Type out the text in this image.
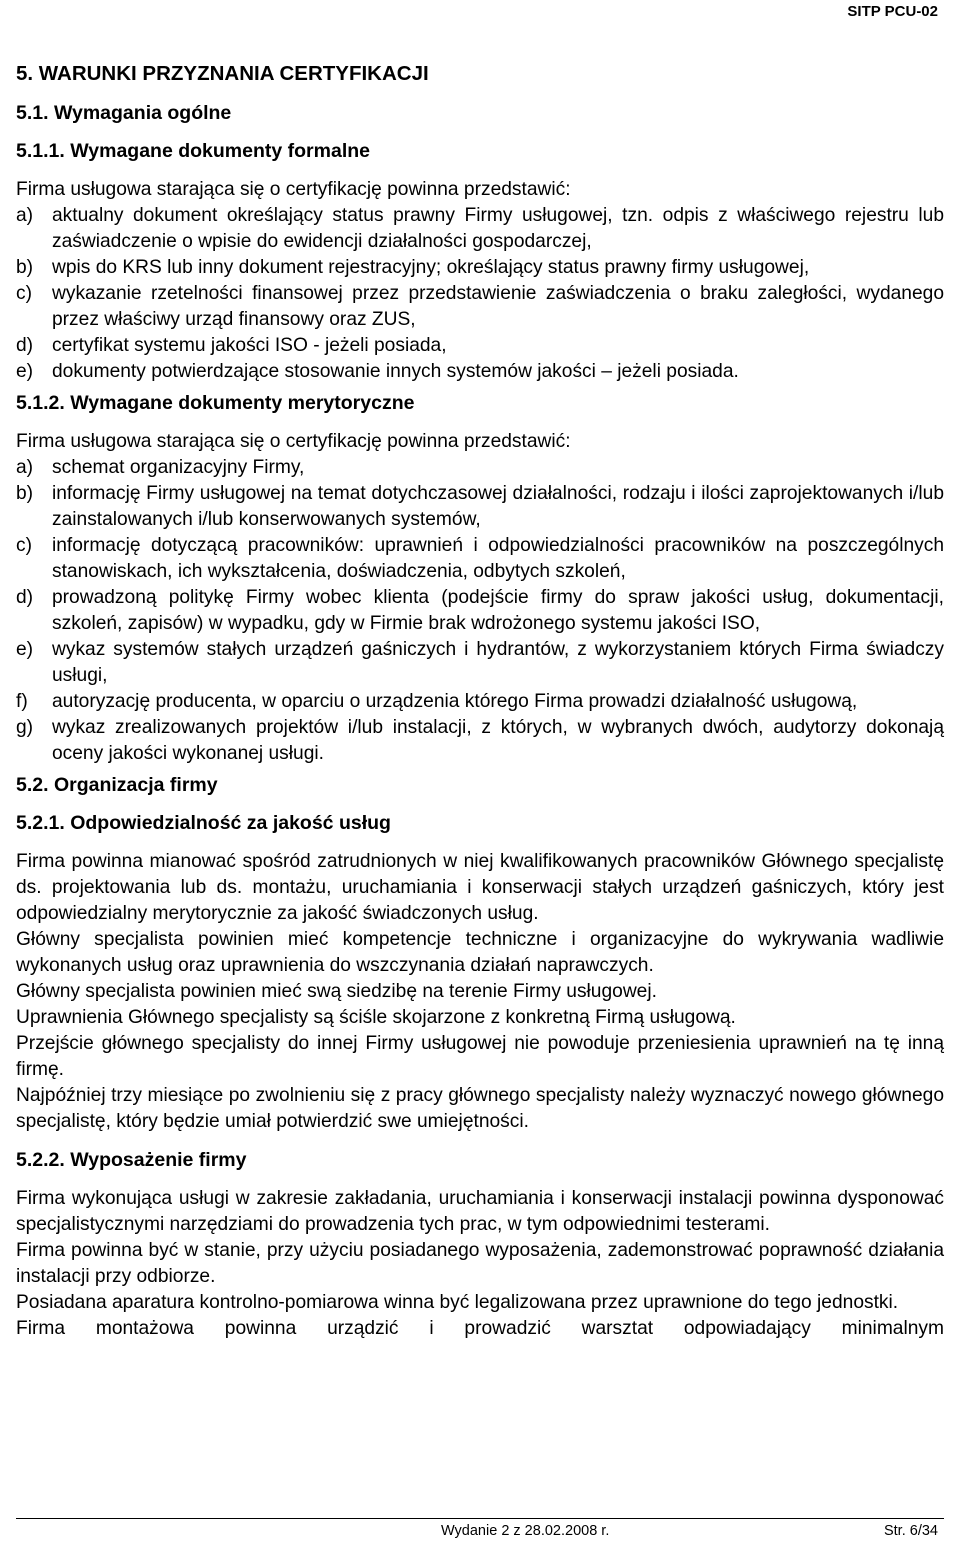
SITP PCU-02
5. WARUNKI PRZYZNANIA CERTYFIKACJI
5.1. Wymagania ogólne
5.1.1. Wymagane dokumenty formalne

Firma usługowa starająca się o certyfikację powinna przedstawić:

a) aktualny dokument określający status prawny Firmy usługowej, tzn. odpis z właściwego rejestru lub zaświadczenie o wpisie do ewidencji działalności gospodarczej,
b) wpis do KRS lub inny dokument rejestracyjny; określający status prawny firmy usługowej,
c)	wykazanie rzetelności finansowej przez przedstawienie zaświadczenia o braku zaległości, wydanego przez właściwy urząd finansowy oraz ZUS,
d) certyfikat systemu jakości ISO - jeżeli posiada,
e) dokumenty potwierdzające stosowanie innych systemów jakości – jeżeli posiada.
5.1.2. Wymagane dokumenty merytoryczne

Firma usługowa starająca się o certyfikację powinna przedstawić:

a) schemat organizacyjny Firmy,
b) informację Firmy usługowej na temat dotychczasowej działalności, rodzaju i ilości zaprojektowanych i/lub zainstalowanych i/lub konserwowanych systemów,
c)	informację dotyczącą pracowników: uprawnień i odpowiedzialności pracowników na poszczególnych stanowiskach, ich wykształcenia, doświadczenia, odbytych szkoleń,
d) prowadzoną politykę Firmy wobec klienta (podejście firmy do spraw jakości usług, dokumentacji, szkoleń, zapisów) w wypadku, gdy w Firmie brak wdrożonego systemu jakości ISO,
e) wykaz systemów stałych urządzeń gaśniczych i hydrantów, z wykorzystaniem których Firma świadczy usługi,
f)	autoryzację producenta, w oparciu o urządzenia którego Firma prowadzi działalność usługową,
g) wykaz zrealizowanych projektów i/lub instalacji, z których, w wybranych dwóch, audytorzy dokonają oceny jakości wykonanej usługi.
5.2. Organizacja firmy
5.2.1. Odpowiedzialność za jakość usług

Firma powinna mianować spośród zatrudnionych w niej kwalifikowanych pracowników Głównego specjalistę ds. projektowania lub ds. montażu, uruchamiania i konserwacji stałych urządzeń gaśniczych, który jest odpowiedzialny merytorycznie za jakość świadczonych usług.

Główny specjalista powinien mieć kompetencje techniczne i organizacyjne do wykrywania wadliwie wykonanych usług oraz uprawnienia do wszczynania działań naprawczych.

Główny specjalista powinien mieć swą siedzibę na terenie Firmy usługowej.

Uprawnienia Głównego specjalisty są ściśle skojarzone z konkretną Firmą usługową.

Przejście głównego specjalisty do innej Firmy usługowej nie powoduje przeniesienia uprawnień na tę inną firmę.

Najpóźniej trzy miesiące po zwolnieniu się z pracy głównego specjalisty należy wyznaczyć nowego głównego specjalistę, który będzie umiał potwierdzić swe umiejętności.

5.2.2. Wyposażenie firmy

Firma wykonująca usługi w zakresie zakładania, uruchamiania i konserwacji instalacji powinna dysponować specjalistycznymi narzędziami do prowadzenia tych prac, w tym odpowiednimi testerami.

Firma powinna być w stanie, przy użyciu posiadanego wyposażenia, zademonstrować poprawność działania instalacji przy odbiorze.

Posiadana aparatura kontrolno-pomiarowa winna być legalizowana przez uprawnione do tego jednostki.

Firma montażowa powinna urządzić i prowadzić warsztat odpowiadający minimalnym

Wydanie 2 z 28.02.2008 r.	Str. 6/34
